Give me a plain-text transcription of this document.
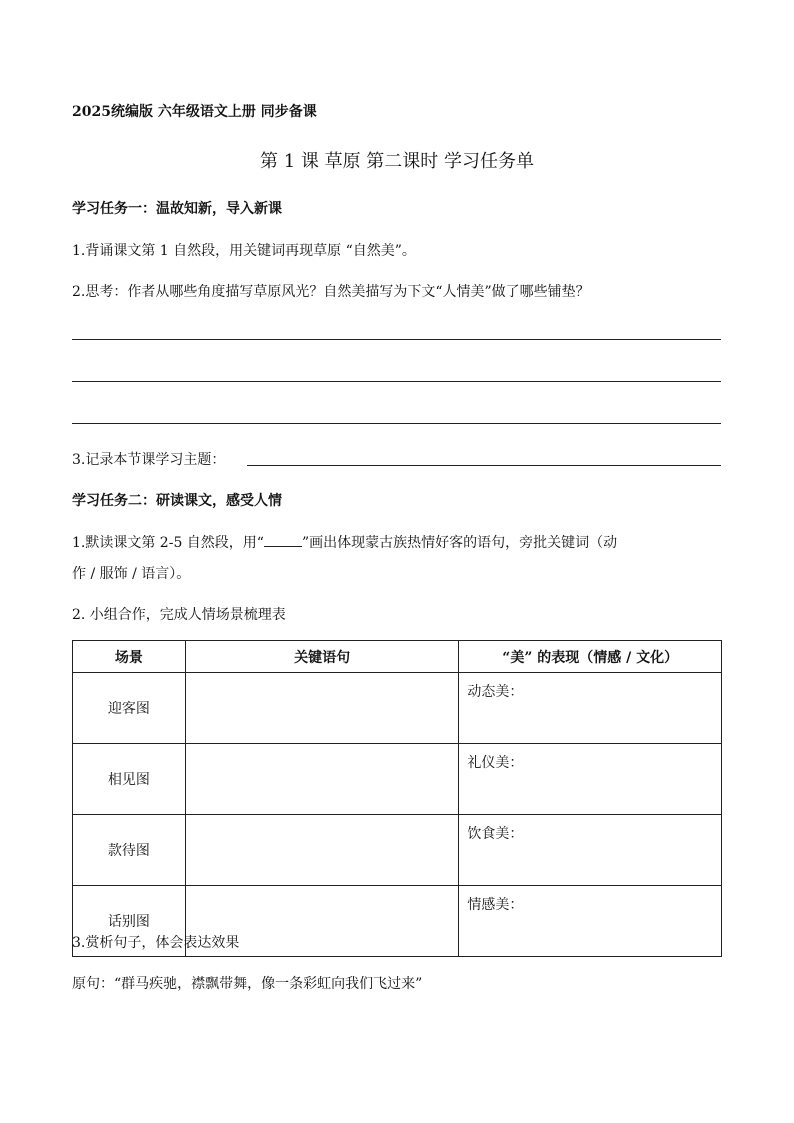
2025统编版 六年级语文上册 同步备课
第 1 课 草原 第二课时 学习任务单
学习任务一：温故知新，导入新课
1.背诵课文第 1 自然段，用关键词再现草原 “自然美”。
2.思考：作者从哪些角度描写草原风光？自然美描写为下文“人情美”做了哪些铺垫？
3.记录本节课学习主题：
学习任务二：研读课文，感受人情
1.默读课文第 2-5 自然段，用“	”画出体现蒙古族热情好客的语句，旁批关键词（动
作 / 服饰 / 语言）。
2. 小组合作，完成人情场景梳理表
场景	关键语句	“美” 的表现（情感 / 文化）
迎客图		动态美：
相见图		礼仪美：
款待图		饮食美：
话别图		情感美：
3.赏析句子，体会表达效果
原句：“群马疾驰，襟飘带舞，像一条彩虹向我们飞过来”
